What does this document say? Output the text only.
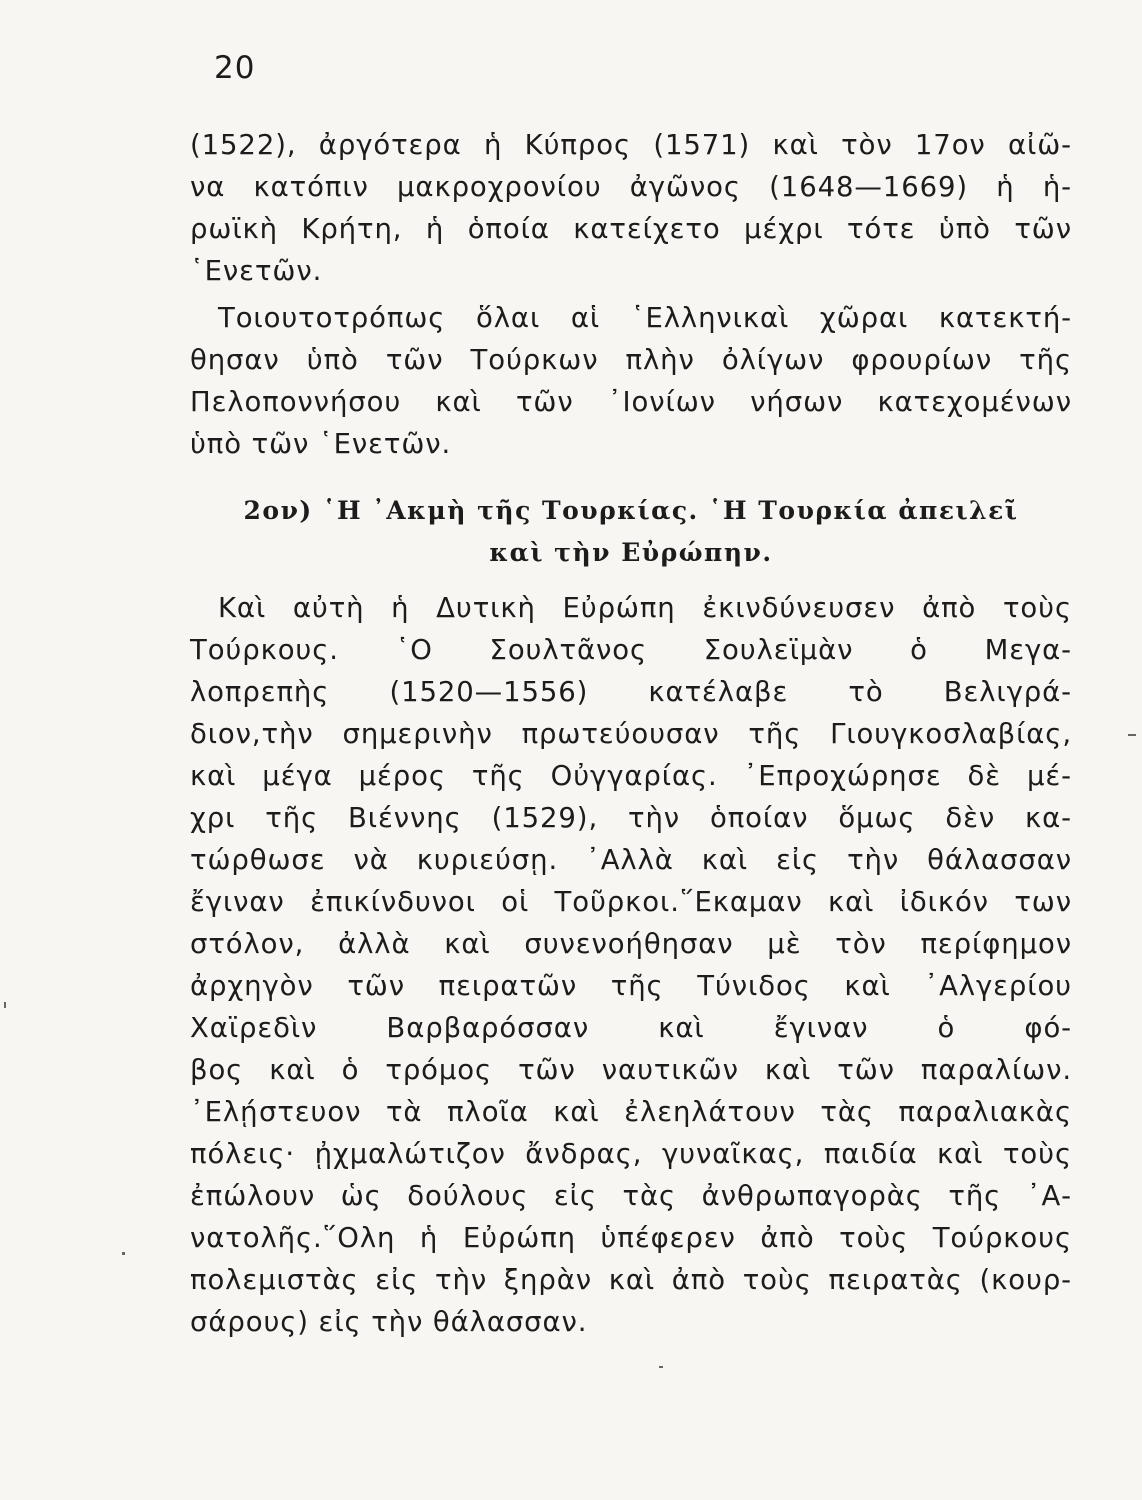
20
(1522), ἀργότερα ἡ Κύπρος (1571) καὶ τὸν 17ον αἰῶ-
να κατόπιν μακροχρονίου ἀγῶνος (1648—1669) ἡ ἡ-
ρωϊκὴ Κρήτη, ἡ ὁποία κατείχετο μέχρι τότε ὑπὸ τῶν
῾Ενετῶν.
Τοιουτοτρόπως ὅλαι αἱ ῾Ελληνικαὶ χῶραι κατεκτή-
θησαν ὑπὸ τῶν Τούρκων πλὴν ὀλίγων φρουρίων τῆς
Πελοποννήσου καὶ τῶν ᾿Ιονίων νήσων κατεχομένων
ὑπὸ τῶν ῾Ενετῶν.
2ον) ῾Η ᾿Ακμὴ τῆς Τουρκίας. ῾Η Τουρκία ἀπειλεῖ
καὶ τὴν Εὐρώπην.
Καὶ αὐτὴ ἡ Δυτικὴ Εὐρώπη ἐκινδύνευσεν ἀπὸ τοὺς
Τούρκους. ῾Ο Σουλτᾶνος Σουλεϊμὰν ὁ Μεγα-
λοπρεπὴς (1520—1556) κατέλαβε τὸ Βελιγρά-
διον,τὴν σημερινὴν πρωτεύουσαν τῆς Γιουγκοσλαβίας,
καὶ μέγα μέρος τῆς Οὐγγαρίας. ᾿Επροχώρησε δὲ μέ-
χρι τῆς Βιέννης (1529), τὴν ὁποίαν ὅμως δὲν κα-
τώρθωσε νὰ κυριεύσῃ. ᾿Αλλὰ καὶ εἰς τὴν θάλασσαν
ἔγιναν ἐπικίνδυνοι οἱ Τοῦρκοι.῞Εκαμαν καὶ ἰδικόν των
στόλον, ἀλλὰ καὶ συνενοήθησαν μὲ τὸν περίφημον
ἀρχηγὸν τῶν πειρατῶν τῆς Τύνιδος καὶ ᾿Αλγερίου
Χαϊρεδὶν Βαρβαρόσσαν καὶ ἔγιναν ὁ φό-
βος καὶ ὁ τρόμος τῶν ναυτικῶν καὶ τῶν παραλίων.
᾿Ελῄστευον τὰ πλοῖα καὶ ἐλεηλάτουν τὰς παραλιακὰς
πόλεις· ᾐχμαλώτιζον ἄνδρας, γυναῖκας, παιδία καὶ τοὺς
ἐπώλουν ὡς δούλους εἰς τὰς ἀνθρωπαγορὰς τῆς ᾿Α-
νατολῆς.῞Ολη ἡ Εὐρώπη ὑπέφερεν ἀπὸ τοὺς Τούρκους
πολεμιστὰς εἰς τὴν ξηρὰν καὶ ἀπὸ τοὺς πειρατὰς (κουρ-
σάρους) εἰς τὴν θάλασσαν.
